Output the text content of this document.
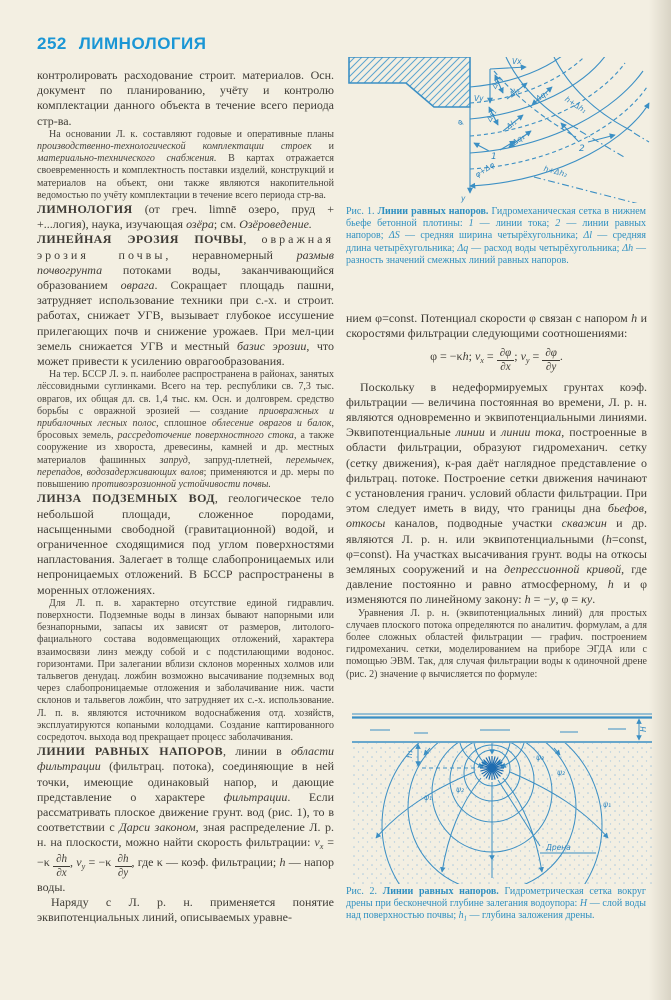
252 ЛИМНОЛОГИЯ

контролировать расходование строит. материалов. Осн. документ по планированию, учёту и контролю комплектации данного объекта в течение всего периода стр-ва.

На основании Л. к. составляют годовые и оперативные планы производственно-технологической комплектации строек и материально-технического снабжения. В картах отражается своевременность и комплектность поставки изделий, конструкций и материалов на объект, они также являются накопительной ведомостью по учёту комплектации в течение всего периода стр-ва.

ЛИМНОЛОГИЯ (от греч. limnē озеро, пруд + +...логия), наука, изучающая озёра; см. Озёроведение.

ЛИНЕЙНАЯ ЭРОЗИЯ ПОЧВЫ, овражная эрозия почвы, неравномерный размыв почвогрунта потоками воды, заканчивающийся образованием оврага. Сокращает площадь пашни, затрудняет использование техники при с.-х. и строит. работах, снижает УГВ, вызывает глубокое иссушение прилегающих почв и снижение урожаев. При мел-ции земель снижается УГВ и местный базис эрозии, что может привести к усилению оврагообразования.

На тер. БССР Л. э. п. наиболее распространена в районах, занятых лёссовидными суглинками. Всего на тер. республики св. 7,3 тыс. оврагов, их общая дл. св. 1,4 тыс. км. Осн. и долговрем. средство борьбы с овражной эрозией — создание приовражных и прибалочных лесных полос, сплошное облесение оврагов и балок, бросовых земель, рассредоточение поверхностного стока, а также сооружение из хвороста, древесины, камней и др. местных материалов фашинных запруд, запруд-плетней, перемычек, перепадов, водозадерживающих валов; применяются и др. меры по повышению противоэрозионной устойчивости почвы.

ЛИНЗА ПОДЗЕМНЫХ ВОД, геологическое тело небольшой площади, сложенное породами, насыщенными свободной (гравитационной) водой, и ограниченное сходящимися под углом поверхностями напластования. Залегает в толще слабопроницаемых или непроницаемых отложений. В БССР распространены в моренных отложениях.

Для Л. п. в. характерно отсутствие единой гидравлич. поверхности. Подземные воды в линзах бывают напорными или безнапорными, запасы их зависят от размеров, литолого-фациального состава водовмещающих отложений, характера взаимосвязи линз между собой и с подстилающими водонос. горизонтами. При залегании вблизи склонов моренных холмов или тальвегов денудац. ложбин возможно высачивание подземных вод через слабопроницаемые отложения и заболачивание ниж. части склонов и тальвегов ложбин, что затрудняет их с.-х. использование. Л. п. в. являются источником водоснабжения отд. хозяйств, эксплуатируются копаными колодцами. Создание каптированного сосредоточ. выхода вод прекращает процесс заболачивания.

ЛИНИИ РАВНЫХ НАПОРОВ, линии в области фильтрации (фильтрац. потока), соединяющие в ней точки, имеющие одинаковый напор, и дающие представление о характере фильтрации. Если рассматривать плоское движение грунт. вод (рис. 1), то в соответствии с Дарси законом, зная распределение Л. р. н. на плоскости, можно найти скорость фильтрации: $v_x = -\kappa \frac{\partial h}{\partial x}$ , $v_y = -\kappa \frac{\partial h}{\partial y}$ , где κ — коэф. фильтрации; h — напор воды.

Наряду с Л. р. н. применяется понятие эквипотенциальных линий, описываемых уравне-

Vx
Vy
φ
φ+Δφ
h+Δh₁
h+Δh₂
Δs₂
Δl₂ Δq₁
Δs₁
Δl₁
Δq₂
1
2
y
Рис. 1. Линии равных напоров. Гидромеханическая сетка в нижнем бьефе бетонной плотины: 1 — линии тока; 2 — линии равных напоров; ΔS — средняя ширина четырёхугольника; Δl — средняя длина четырёхугольника; Δq — расход воды четырёхугольника; Δh — разность значений смежных линий равных напоров.

нием φ=const. Потенциал скорости φ связан с напором h и скоростями фильтрации следующими соотношениями:

φ = −κh; $v_x = \frac{\partial\varphi}{\partial x}$ ; $v_y = \frac{\partial\varphi}{\partial y}$ .

Поскольку в недеформируемых грунтах коэф. фильтрации — величина постоянная во времени, Л. р. н. являются одновременно и эквипотенциальными линиями. Эквипотенциальные линии и линии тока, построенные в области фильтрации, образуют гидромеханич. сетку (сетку движения), к-рая даёт наглядное представление о фильтрац. потоке. Построение сетки движения начинают с установления гранич. условий области фильтрации. При этом следует иметь в виду, что границы дна бьефов, откосы каналов, подводные участки скважин и др. являются Л. р. н. или эквипотенциальными (h=const, φ=const). На участках высачивания грунт. воды на откосы земляных сооружений и на депрессионной кривой, где давление постоянно и равно атмосферному, h и φ изменяются по линейному закону: h = −y, φ = κy.

Уравнения Л. р. н. (эквипотенциальных линий) для простых случаев плоского потока определяются по аналитич. формулам, а для более сложных областей фильтрации — графич. построением гидромеханич. сетки, моделированием на приборе ЭГДА или с помощью ЭВМ. Так, для случая фильтрации воды к одиночной дрене (рис. 2) значение φ вычисляется по формуле:

H
h₁
ψ₁
ψ₂
ψ₃
ψ₂
ψ₁
Дрена
Рис. 2. Линии равных напоров. Гидрометрическая сетка вокруг дрены при бесконечной глубине залегания водоупора: H — слой воды над поверхностью почвы; $h_1$ — глубина заложения дрены.
